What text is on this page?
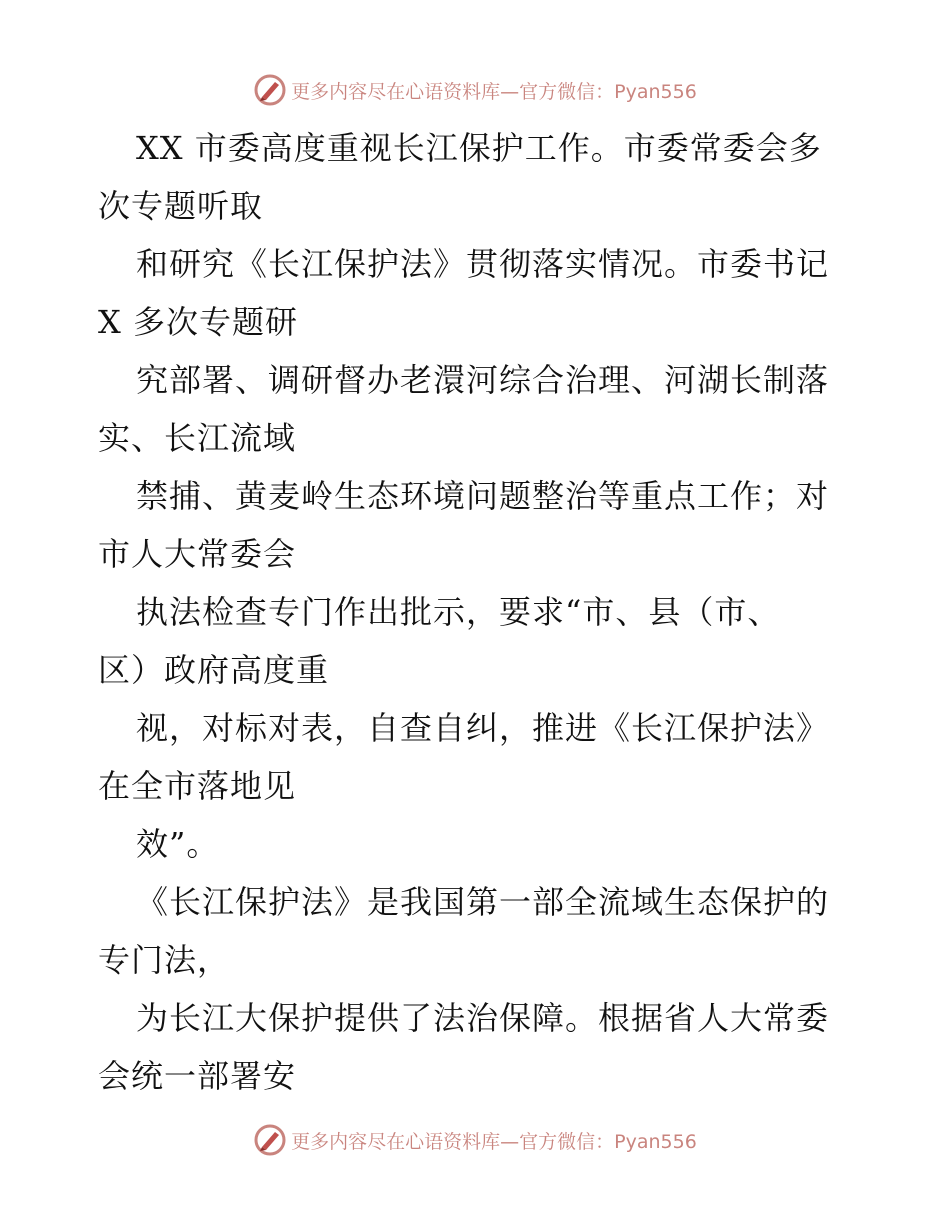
更多内容尽在心语资料库—官方微信：Pyan556
XX 市委高度重视长江保护工作。市委常委会多
次专题听取
和研究《长江保护法》贯彻落实情况。市委书记
X 多次专题研
究部署、调研督办老澴河综合治理、河湖长制落
实、长江流域
禁捕、黄麦岭生态环境问题整治等重点工作；对
市人大常委会
执法检查专门作出批示，要求“市、县（市、
区）政府高度重
视，对标对表，自查自纠，推进《长江保护法》
在全市落地见
效”。
《长江保护法》是我国第一部全流域生态保护的
专门法，
为长江大保护提供了法治保障。根据省人大常委
会统一部署安
更多内容尽在心语资料库—官方微信：Pyan556
